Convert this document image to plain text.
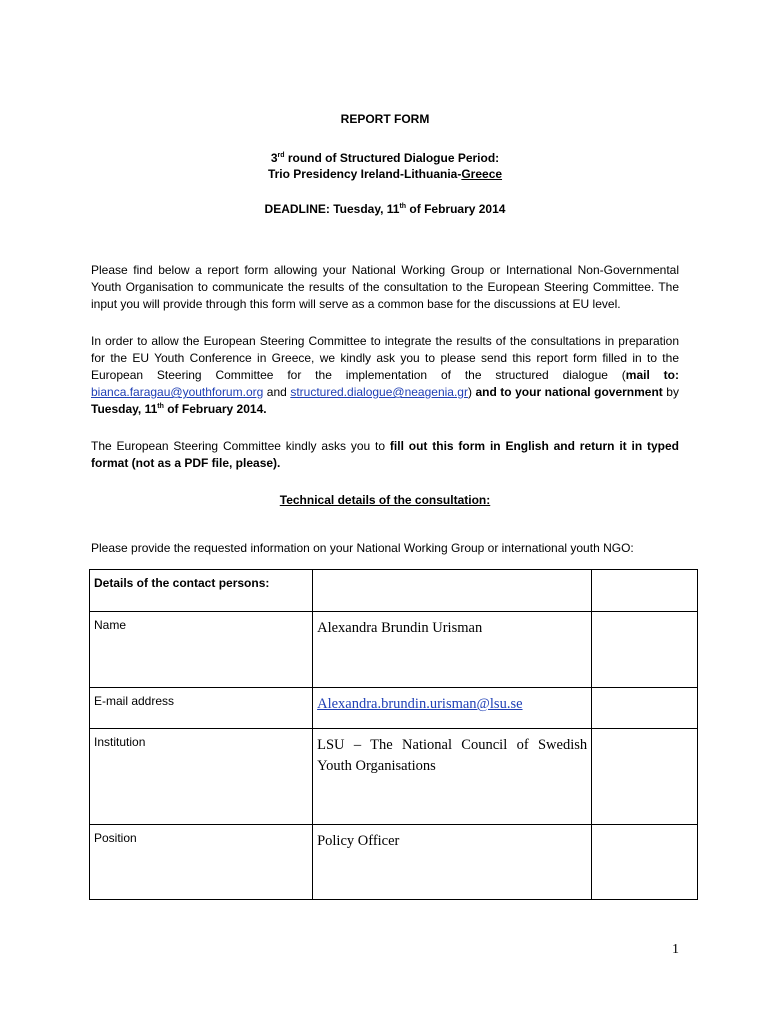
REPORT FORM
3rd round of Structured Dialogue Period:
Trio Presidency Ireland-Lithuania-Greece
DEADLINE: Tuesday, 11th of February 2014

Please find below a report form allowing your National Working Group or International Non-Governmental Youth Organisation to communicate the results of the consultation to the European Steering Committee. The input you will provide through this form will serve as a common base for the discussions at EU level.

In order to allow the European Steering Committee to integrate the results of the consultations in preparation for the EU Youth Conference in Greece, we kindly ask you to please send this report form filled in to the European Steering Committee for the implementation of the structured dialogue (mail to: bianca.faragau@youthforum.org and structured.dialogue@neagenia.gr) and to your national government by Tuesday, 11th of February 2014.

The European Steering Committee kindly asks you to fill out this form in English and return it in typed format (not as a PDF file, please).

Technical details of the consultation:

Please provide the requested information on your National Working Group or international youth NGO:

Details of the contact persons:		
Name	Alexandra Brundin Urisman	
E-mail address	Alexandra.brundin.urisman@lsu.se	
Institution	LSU – The National Council of Swedish Youth Organisations	
Position	Policy Officer	
1
